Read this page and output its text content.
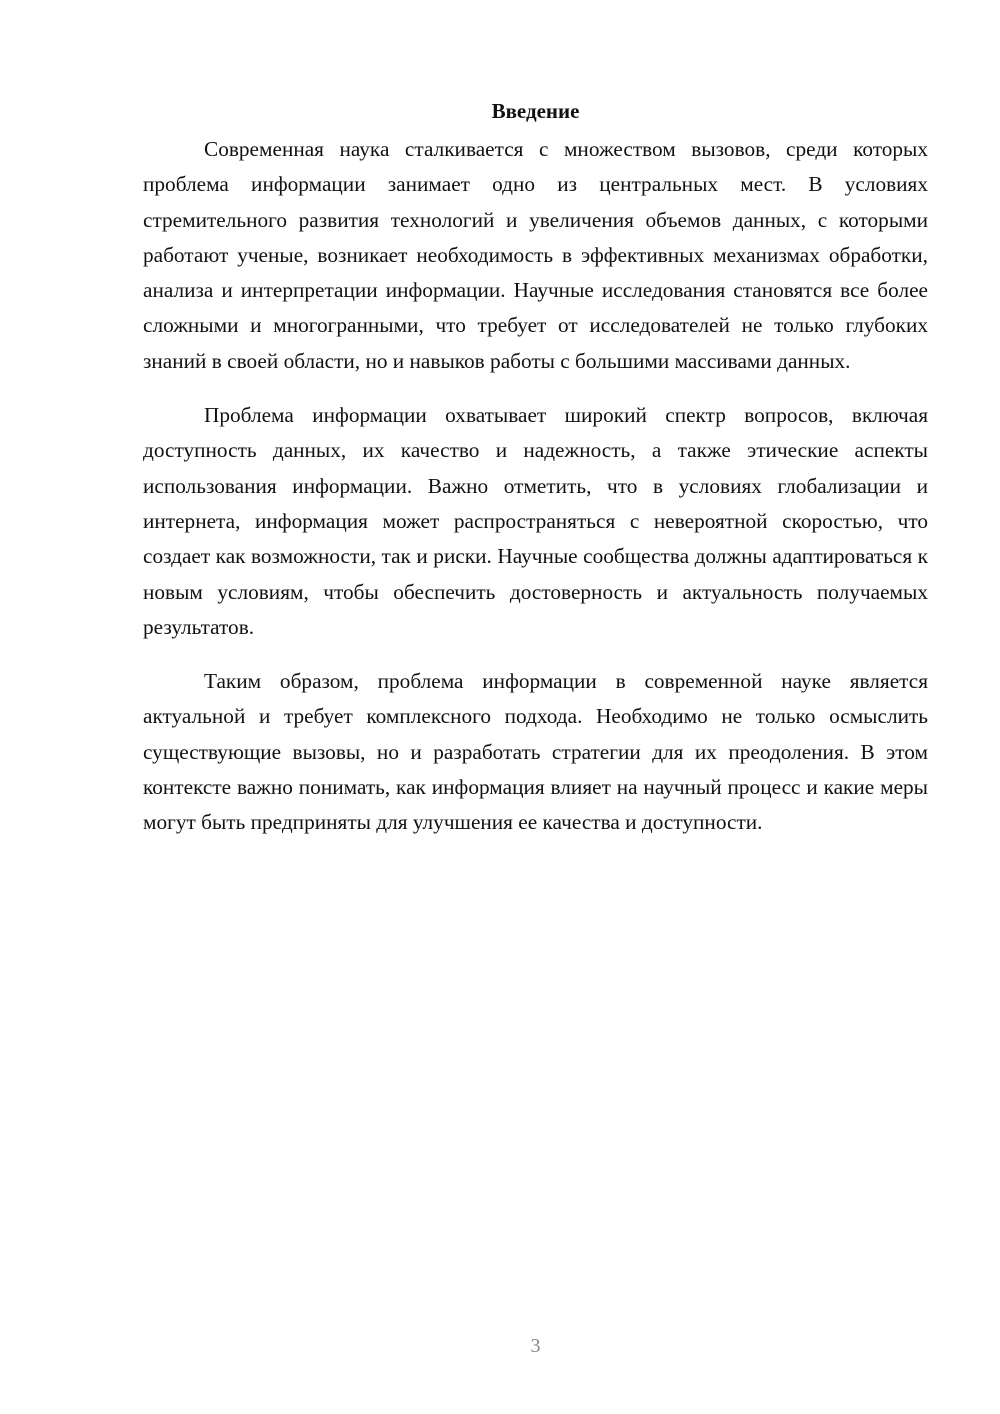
Введение

Современная наука сталкивается с множеством вызовов, среди которых проблема информации занимает одно из центральных мест. В условиях стремительного развития технологий и увеличения объемов данных, с которыми работают ученые, возникает необходимость в эффективных механизмах обработки, анализа и интерпретации информации. Научные исследования становятся все более сложными и многогранными, что требует от исследователей не только глубоких знаний в своей области, но и навыков работы с большими массивами данных.

Проблема информации охватывает широкий спектр вопросов, включая доступность данных, их качество и надежность, а также этические аспекты использования информации. Важно отметить, что в условиях глобализации и интернета, информация может распространяться с невероятной скоростью, что создает как возможности, так и риски. Научные сообщества должны адаптироваться к новым условиям, чтобы обеспечить достоверность и актуальность получаемых результатов.

Таким образом, проблема информации в современной науке является актуальной и требует комплексного подхода. Необходимо не только осмыслить существующие вызовы, но и разработать стратегии для их преодоления. В этом контексте важно понимать, как информация влияет на научный процесс и какие меры могут быть предприняты для улучшения ее качества и доступности.

3
